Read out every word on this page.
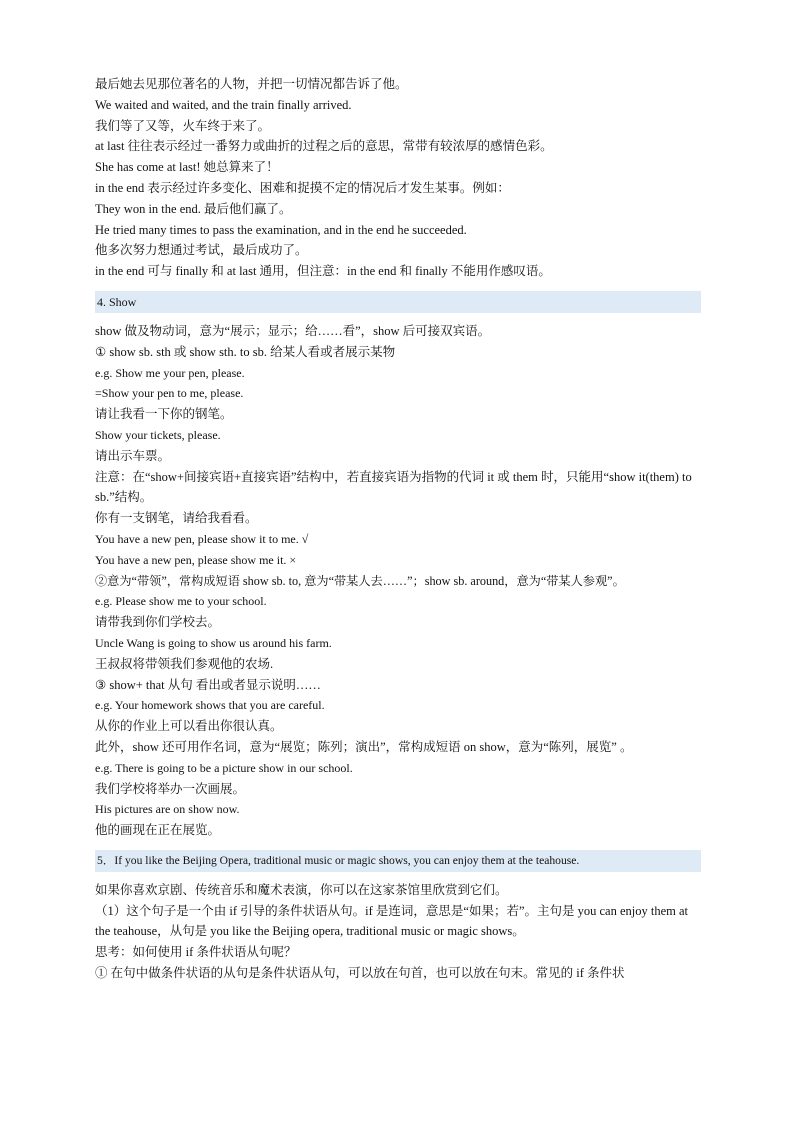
最后她去见那位著名的人物，并把一切情况都告诉了他。
We waited and waited, and the train finally arrived.
我们等了又等，火车终于来了。
at last 往往表示经过一番努力或曲折的过程之后的意思，常带有较浓厚的感情色彩。
She has come at last! 她总算来了！
in the end 表示经过许多变化、困难和捉摸不定的情况后才发生某事。例如：
They won in the end. 最后他们赢了。
He tried many times to pass the examination, and in the end he succeeded.
他多次努力想通过考试，最后成功了。
in the end 可与 finally 和 at last 通用，但注意：in the end 和 finally 不能用作感叹语。
4. Show
show 做及物动词，意为“展示；显示；给……看”，show 后可接双宾语。
① show sb. sth 或 show sth. to sb. 给某人看或者展示某物
e.g. Show me your pen, please.
=Show your pen to me, please.
请让我看一下你的钢笔。
Show your tickets, please.
请出示车票。
注意：在“show+间接宾语+直接宾语”结构中，若直接宾语为指物的代词 it 或 them 时，只能用“show it(them) to sb.”结构。
你有一支钢笔，请给我看看。
You have a new pen, please show it to me. √
You have a new pen, please show me it. ×
②意为“带领”，常构成短语 show sb. to, 意为“带某人去……”；show sb. around，意为“带某人参观”。
e.g. Please show me to your school.
请带我到你们学校去。
Uncle Wang is going to show us around his farm.
王叔叔将带领我们参观他的农场.
③ show+ that 从句 看出或者显示说明……
e.g. Your homework shows that you are careful.
从你的作业上可以看出你很认真。
此外，show 还可用作名词，意为“展览；陈列；演出”，常构成短语 on show，意为“陈列，展览” 。
e.g. There is going to be a picture show in our school.
我们学校将举办一次画展。
His pictures are on show now.
他的画现在正在展览。
5．If you like the Beijing Opera, traditional music or magic shows, you can enjoy them at the teahouse.
如果你喜欢京剧、传统音乐和魔术表演，你可以在这家茶馆里欣赏到它们。
（1）这个句子是一个由 if 引导的条件状语从句。if 是连词，意思是“如果；若”。主句是 you can enjoy them at the teahouse，从句是 you like the Beijing opera, traditional music or magic shows。
思考：如何使用 if 条件状语从句呢？
① 在句中做条件状语的从句是条件状语从句，可以放在句首，也可以放在句末。常见的 if 条件状
